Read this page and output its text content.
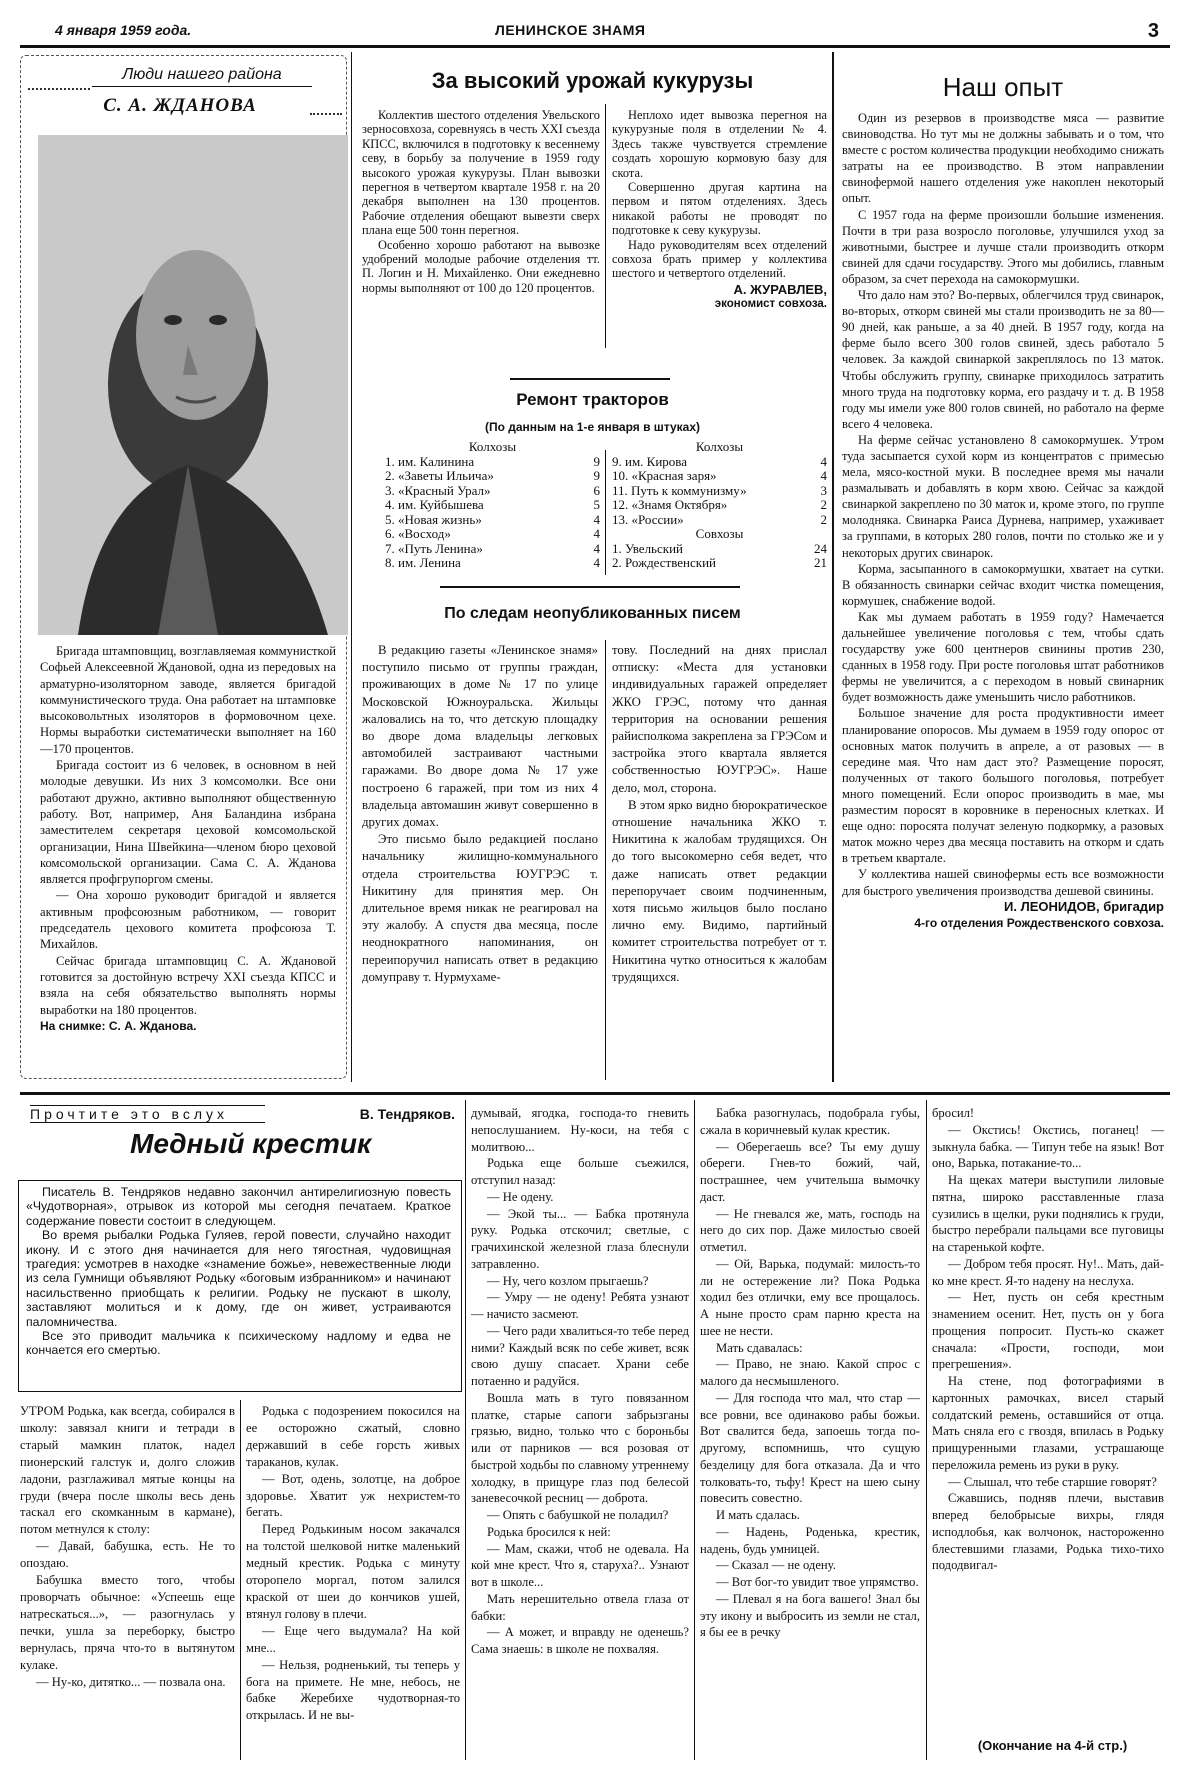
4 января 1959 года.	ЛЕНИНСКОЕ ЗНАМЯ	3
Люди нашего района
С. А. ЖДАНОВА

Бригада штамповщиц, возглавляемая коммунисткой Софьей Алексеевной Ждановой, одна из передовых на арматурно-изоляторном заводе, является бригадой коммунистического труда. Она работает на штамповке высоковольтных изоляторов в формовочном цехе. Нормы выработки систематически выполняет на 160—170 процентов.

Бригада состоит из 6 человек, в основном в ней молодые девушки. Из них 3 комсомолки. Все они работают дружно, активно выполняют общественную работу. Вот, например, Аня Баландина избрана заместителем секретаря цеховой комсомольской организации, Нина Швейкина—членом бюро цеховой комсомольской организации. Сама С. А. Жданова является профгрупоргом смены.

— Она хорошо руководит бригадой и является активным профсоюзным работником, — говорит председатель цехового комитета профсоюза Т. Михайлов.

Сейчас бригада штамповщиц С. А. Ждановой готовится за достойную встречу XXI съезда КПСС и взяла на себя обязательство выполнять нормы выработки на 180 процентов.

На снимке: С. А. Жданова.

За высокий урожай кукурузы

Коллектив шестого отделения Увельского зерносовхоза, соревнуясь в честь XXI съезда КПСС, включился в подготовку к весеннему севу, в борьбу за получение в 1959 году высокого урожая кукурузы. План вывозки перегноя в четвертом квартале 1958 г. на 20 декабря выполнен на 130 процентов. Рабочие отделения обещают вывезти сверх плана еще 500 тонн перегноя.

Особенно хорошо работают на вывозке удобрений молодые рабочие отделения тт. П. Логин и Н. Михайленко. Они ежедневно нормы выполняют от 100 до 120 процентов.

Неплохо идет вывозка перегноя на кукурузные поля в отделении № 4. Здесь также чувствуется стремление создать хорошую кормовую базу для скота.

Совершенно другая картина на первом и пятом отделениях. Здесь никакой работы не проводят по подготовке к севу кукурузы.

Надо руководителям всех отделений совхоза брать пример у коллектива шестого и четвертого отделений.

А. ЖУРАВЛЕВ,
экономист совхоза.
Ремонт тракторов
(По данным на 1-е января в штуках)
Колхозы
1. им. Калинина	9
2. «Заветы Ильича»	9
3. «Красный Урал»	6
4. им. Куйбышева	5
5. «Новая жизнь»	4
6. «Восход»	4
7. «Путь Ленина»	4
8. им. Ленина	4
Колхозы
9. им. Кирова	4
10. «Красная заря»	4
11. Путь к коммунизму»	3
12. «Знамя Октября»	2
13. «России»	2
Совхозы
1. Увельский	24
2. Рождественский	21
По следам неопубликованных писем

В редакцию газеты «Ленинское знамя» поступило письмо от группы граждан, проживающих в доме № 17 по улице Московской Южноуральска. Жильцы жаловались на то, что детскую площадку во дворе дома владельцы легковых автомобилей застраивают частными гаражами. Во дворе дома № 17 уже построено 6 гаражей, при том из них 4 владельца автомашин живут совершенно в других домах.

Это письмо было редакцией послано начальнику жилищно-коммунального отдела строительства ЮУГРЭС т. Никитину для принятия мер. Он длительное время никак не реагировал на эту жалобу. А спустя два месяца, после неоднократного напоминания, он переипоручил написать ответ в редакцию домуправу т. Нурмухаме-

тову. Последний на днях прислал отписку: «Места для установки индивидуальных гаражей определяет ЖКО ГРЭС, потому что данная территория на основании решения райисполкома закреплена за ГРЭСом и застройка этого квартала является собственностью ЮУГРЭС». Наше дело, мол, сторона.

В этом ярко видно бюрократическое отношение начальника ЖКО т. Никитина к жалобам трудящихся. Он до того высокомерно себя ведет, что даже написать ответ редакции перепоручает своим подчиненным, хотя письмо жильцов было послано лично ему. Видимо, партийный комитет строительства потребует от т. Никитина чутко относиться к жалобам трудящихся.

Наш опыт

Один из резервов в производстве мяса — развитие свиноводства. Но тут мы не должны забывать и о том, что вместе с ростом количества продукции необходимо снижать затраты на ее производство. В этом направлении свинофермой нашего отделения уже накоплен некоторый опыт.

С 1957 года на ферме произошли большие изменения. Почти в три раза возросло поголовье, улучшился уход за животными, быстрее и лучше стали производить откорм свиней для сдачи государству. Этого мы добились, главным образом, за счет перехода на самокормушки.

Что дало нам это? Во-первых, облегчился труд свинарок, во-вторых, откорм свиней мы стали производить не за 80—90 дней, как раньше, а за 40 дней. В 1957 году, когда на ферме было всего 300 голов свиней, здесь работало 5 человек. За каждой свинаркой закреплялось по 13 маток. Чтобы обслужить группу, свинарке приходилось затратить много труда на подготовку корма, его раздачу и т. д. В 1958 году мы имели уже 800 голов свиней, но работало на ферме всего 4 человека.

На ферме сейчас установлено 8 самокормушек. Утром туда засыпается сухой корм из концентратов с примесью мела, мясо-костной муки. В последнее время мы начали размалывать и добавлять в корм хвою. Сейчас за каждой свинаркой закреплено по 30 маток и, кроме этого, по группе молодняка. Свинарка Раиса Дурнева, например, ухаживает за группами, в которых 280 голов, почти по столько же и у некоторых других свинарок.

Корма, засыпанного в самокормушки, хватает на сутки. В обязанность свинарки сейчас входит чистка помещения, кормушек, снабжение водой.

Как мы думаем работать в 1959 году? Намечается дальнейшее увеличение поголовья с тем, чтобы сдать государству уже 600 центнеров свинины против 230, сданных в 1958 году. При росте поголовья штат работников фермы не увеличится, а с переходом в новый свинарник будет возможность даже уменьшить число работников.

Большое значение для роста продуктивности имеет планирование опоросов. Мы думаем в 1959 году опорос от основных маток получить в апреле, а от разовых — в середине мая. Что нам даст это? Размещение поросят, полученных от такого большого поголовья, потребует много помещений. Если опорос производить в мае, мы разместим поросят в коровнике в переносных клетках. И еще одно: поросята получат зеленую подкормку, а разовых маток можно через два месяца поставить на откорм и сдать в третьем квартале.

У коллектива нашей свинофермы есть все возможности для быстрого увеличения производства дешевой свинины.

И. ЛЕОНИДОВ, бригадир
4-го отделения Рождественского совхоза.
Прочтите это вслух	В. Тендряков.
Медный крестик

Писатель В. Тендряков недавно закончил антирелигиозную повесть «Чудотворная», отрывок из которой мы сегодня печатаем. Краткое содержание повести состоит в следующем.

Во время рыбалки Родька Гуляев, герой повести, случайно находит икону. И с этого дня начинается для него тягостная, чудовищная трагедия: усмотрев в находке «знамение божье», невежественные люди из села Гумнищи объявляют Родьку «боговым избранником» и начинают насильственно приобщать к религии. Родьку не пускают в школу, заставляют молиться и к дому, где он живет, устраиваются паломничества.

Все это приводит мальчика к психическому надлому и едва не кончается его смертью.

УТРОМ Родька, как всегда, собирался в школу: завязал книги и тетради в старый мамкин платок, надел пионерский галстук и, долго сложив ладони, разглаживал мятые концы на груди (вчера после школы весь день таскал его скомканным в кармане), потом метнулся к столу:

— Давай, бабушка, есть. Не то опоздаю.

Бабушка вместо того, чтобы проворчать обычное: «Успеешь еще натрескаться...», — разогнулась у печки, ушла за переборку, быстро вернулась, пряча что-то в вытянутом кулаке.

— Ну-ко, дитятко... — позвала она.

Родька с подозрением покосился на ее осторожно сжатый, словно державший в себе горсть живых тараканов, кулак.

— Вот, одень, золотце, на доброе здоровье. Хватит уж нехристем-то бегать.

Перед Родькиным носом закачался на толстой шелковой нитке маленький медный крестик. Родька с минуту оторопело моргал, потом залился краской от шеи до кончиков ушей, втянул голову в плечи.

— Еще чего выдумала? На кой мне...

— Нельзя, родненький, ты теперь у бога на примете. Не мне, небось, не бабке Жеребихе чудотворная-то открылась. И не вы-

думывай, ягодка, господа-то гневить непослушанием. Ну-коси, на тебя с молитвою...

Родька еще больше съежился, отступил назад:

— Не одену.

— Экой ты... — Бабка протянула руку. Родька отскочил; светлые, с грачихинской железной глаза блеснули затравленно.

— Ну, чего козлом прыгаешь?

— Умру — не одену! Ребята узнают — начисто засмеют.

— Чего ради хвалиться-то тебе перед ними? Каждый всяк по себе живет, всяк свою душу спасает. Храни себе потаенно и радуйся.

Вошла мать в туго повязанном платке, старые сапоги забрызганы грязью, видно, только что с бороньбы или от парников — вся розовая от быстрой ходьбы по славному утреннему холодку, в прищуре глаз под белесой заневесочкой ресниц — доброта.

— Опять с бабушкой не поладил?

Родька бросился к ней:

— Мам, скажи, чтоб не одевала. На кой мне крест. Что я, старуха?.. Узнают вот в школе...

Мать нерешительно отвела глаза от бабки:

— А может, и вправду не оденешь? Сама знаешь: в школе не похваляя.

Бабка разогнулась, подобрала губы, сжала в коричневый кулак крестик.

— Оберегаешь все? Ты ему душу обереги. Гнев-то божий, чай, пострашнее, чем учительша вымочку даст.

— Не гневался же, мать, господь на него до сих пор. Даже милостью своей отметил.

— Ой, Варька, подумай: милость-то ли не остережение ли? Пока Родька ходил без отлички, ему все прощалось. А ныне просто срам парню креста на шее не нести.

Мать сдавалась:

— Право, не знаю. Какой спрос с малого да несмышленого.

— Для господа что мал, что стар — все ровни, все одинаково рабы божьи. Вот свалится беда, запоешь тогда по-другому, вспомнишь, что сущую безделицу для бога отказала. Да и что толковать-то, тьфу! Крест на шею сыну повесить совестно.

И мать сдалась.

— Надень, Роденька, крестик, надень, будь умницей.

— Сказал — не одену.

— Вот бог-то увидит твое упрямство.

— Плевал я на бога вашего! Знал бы эту икону и выбросить из земли не стал, я бы ее в речку

бросил!

— Окстись! Окстись, поганец! — зыкнула бабка. — Типун тебе на язык! Вот оно, Варька, потакание-то...

На щеках матери выступили лиловые пятна, широко расставленные глаза сузились в щелки, руки поднялись к груди, быстро перебрали пальцами все пуговицы на старенькой кофте.

— Добром тебя просят. Ну!.. Мать, дай-ко мне крест. Я-то надену на неслуха.

— Нет, пусть он себя крестным знамением осенит. Нет, пусть он у бога прощения попросит. Пусть-ко скажет сначала: «Прости, господи, мои прегрешения».

На стене, под фотографиями в картонных рамочках, висел старый солдатский ремень, оставшийся от отца. Мать сняла его с гвоздя, впилась в Родьку прищуренными глазами, устрашающе переложила ремень из руки в руку.

— Слышал, что тебе старшие говорят?

Сжавшись, подняв плечи, выставив вперед белобрысые вихры, глядя исподлобья, как волчонок, настороженно блестевшими глазами, Родька тихо-тихо пододвигал-

(Окончание на 4-й стр.)
